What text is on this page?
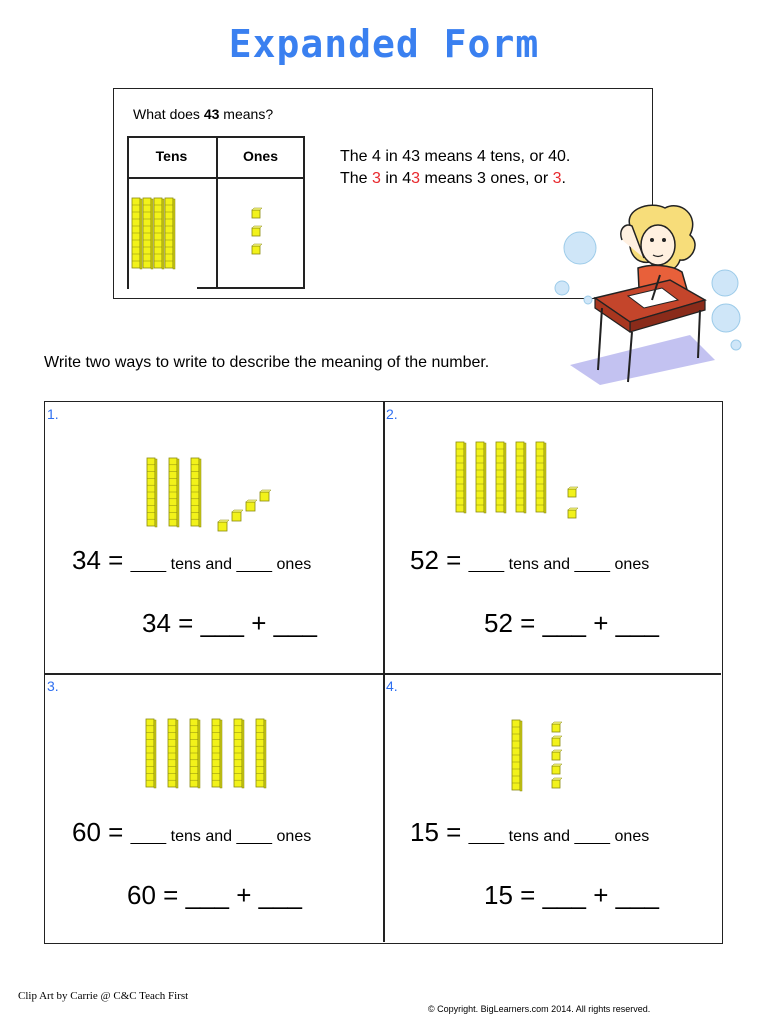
Expanded Form
What does 43 means?
Tens	Ones	The 4 in 43 means 4 tens, or 40.
The 3 in 43 means 3 ones, or 3.
Write two ways to write to describe the meaning of the number.
1.
34 = ____ tens and ____ ones
34 = ___ + ___
2.
52 = ____ tens and ____ ones
52 = ___ + ___
3.
60 = ____ tens and ____ ones
60 = ___ + ___
4.
15 = ____ tens and ____ ones
15 = ___ + ___
Clip Art by Carrie @ C&C Teach First
© Copyright. BigLearners.com 2014. All rights reserved.
